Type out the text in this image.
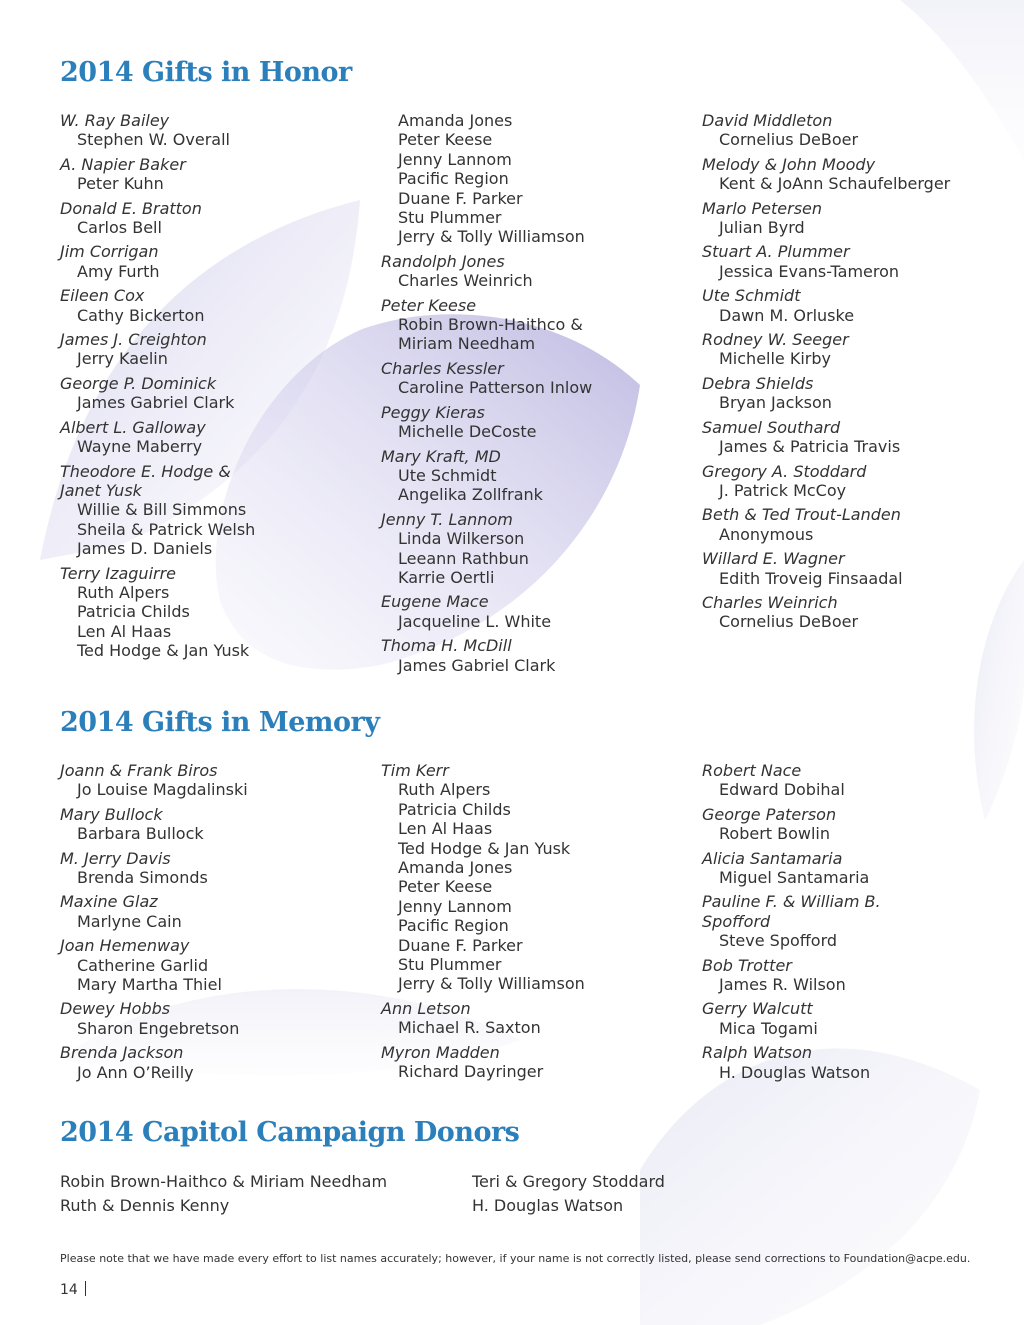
2014 Gifts in Honor
W. Ray Bailey
Stephen W. Overall
A. Napier Baker
Peter Kuhn
Donald E. Bratton
Carlos Bell
Jim Corrigan
Amy Furth
Eileen Cox
Cathy Bickerton
James J. Creighton
Jerry Kaelin
George P. Dominick
James Gabriel Clark
Albert L. Galloway
Wayne Maberry
Theodore E. Hodge &
Janet Yusk
Willie & Bill Simmons
Sheila & Patrick Welsh
James D. Daniels
Terry Izaguirre
Ruth Alpers
Patricia Childs
Len Al Haas
Ted Hodge & Jan Yusk
Amanda Jones
Peter Keese
Jenny Lannom
Pacific Region
Duane F. Parker
Stu Plummer
Jerry & Tolly Williamson
Randolph Jones
Charles Weinrich
Peter Keese
Robin Brown-Haithco &
Miriam Needham
Charles Kessler
Caroline Patterson Inlow
Peggy Kieras
Michelle DeCoste
Mary Kraft, MD
Ute Schmidt
Angelika Zollfrank
Jenny T. Lannom
Linda Wilkerson
Leeann Rathbun
Karrie Oertli
Eugene Mace
Jacqueline L. White
Thoma H. McDill
James Gabriel Clark
David Middleton
Cornelius DeBoer
Melody & John Moody
Kent & JoAnn Schaufelberger
Marlo Petersen
Julian Byrd
Stuart A. Plummer
Jessica Evans-Tameron
Ute Schmidt
Dawn M. Orluske
Rodney W. Seeger
Michelle Kirby
Debra Shields
Bryan Jackson
Samuel Southard
James & Patricia Travis
Gregory A. Stoddard
J. Patrick McCoy
Beth & Ted Trout-Landen
Anonymous
Willard E. Wagner
Edith Troveig Finsaadal
Charles Weinrich
Cornelius DeBoer
2014 Gifts in Memory
Joann & Frank Biros
Jo Louise Magdalinski
Mary Bullock
Barbara Bullock
M. Jerry Davis
Brenda Simonds
Maxine Glaz
Marlyne Cain
Joan Hemenway
Catherine Garlid
Mary Martha Thiel
Dewey Hobbs
Sharon Engebretson
Brenda Jackson
Jo Ann O’Reilly
Tim Kerr
Ruth Alpers
Patricia Childs
Len Al Haas
Ted Hodge & Jan Yusk
Amanda Jones
Peter Keese
Jenny Lannom
Pacific Region
Duane F. Parker
Stu Plummer
Jerry & Tolly Williamson
Ann Letson
Michael R. Saxton
Myron Madden
Richard Dayringer
Robert Nace
Edward Dobihal
George Paterson
Robert Bowlin
Alicia Santamaria
Miguel Santamaria
Pauline F. & William B.
Spofford
Steve Spofford
Bob Trotter
James R. Wilson
Gerry Walcutt
Mica Togami
Ralph Watson
H. Douglas Watson
2014 Capitol Campaign Donors
Robin Brown-Haithco & Miriam Needham
Ruth & Dennis Kenny
Teri & Gregory Stoddard
H. Douglas Watson
Please note that we have made every effort to list names accurately; however, if your name is not correctly listed, please send corrections to Foundation@acpe.edu.
14
